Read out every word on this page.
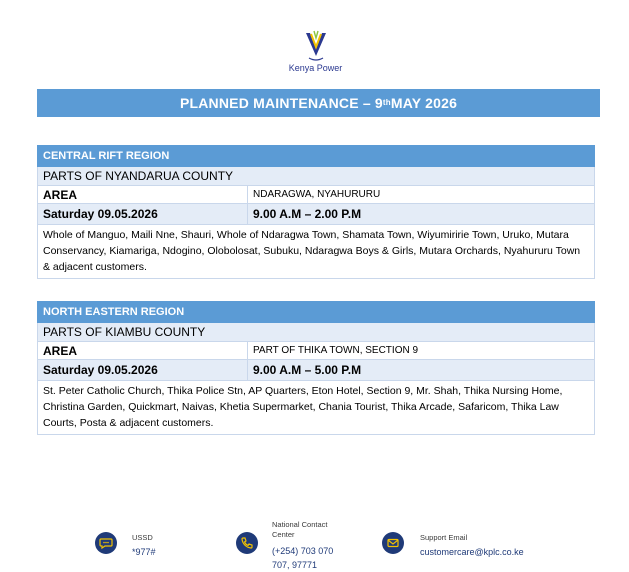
Kenya Power
PLANNED MAINTENANCE – 9th MAY 2026
CENTRAL RIFT REGION	
PARTS OF NYANDARUA COUNTY	
AREA	NDARAGWA, NYAHURURU
Saturday 09.05.2026	9.00 A.M – 2.00 P.M
Whole of Manguo, Maili Nne, Shauri, Whole of Ndaragwa Town, Shamata Town, Wiyumiririe Town, Uruko, Mutara Conservancy, Kiamariga, Ndogino, Olobolosat, Subuku, Ndaragwa Boys & Girls, Mutara Orchards, Nyahururu Town & adjacent customers.	
NORTH EASTERN REGION	
PARTS OF KIAMBU COUNTY	
AREA	PART OF THIKA TOWN, SECTION 9
Saturday 09.05.2026	9.00 A.M – 5.00 P.M
St. Peter Catholic Church, Thika Police Stn, AP Quarters, Eton Hotel, Section 9, Mr. Shah, Thika Nursing Home, Christina Garden, Quickmart, Naivas, Khetia Supermarket, Chania Tourist, Thika Arcade, Safaricom, Thika Law Courts, Posta & adjacent customers.	
USSD
*977#
National Contact
Center
(+254) 703 070
707, 97771
Support Email
customercare@kplc.co.ke
